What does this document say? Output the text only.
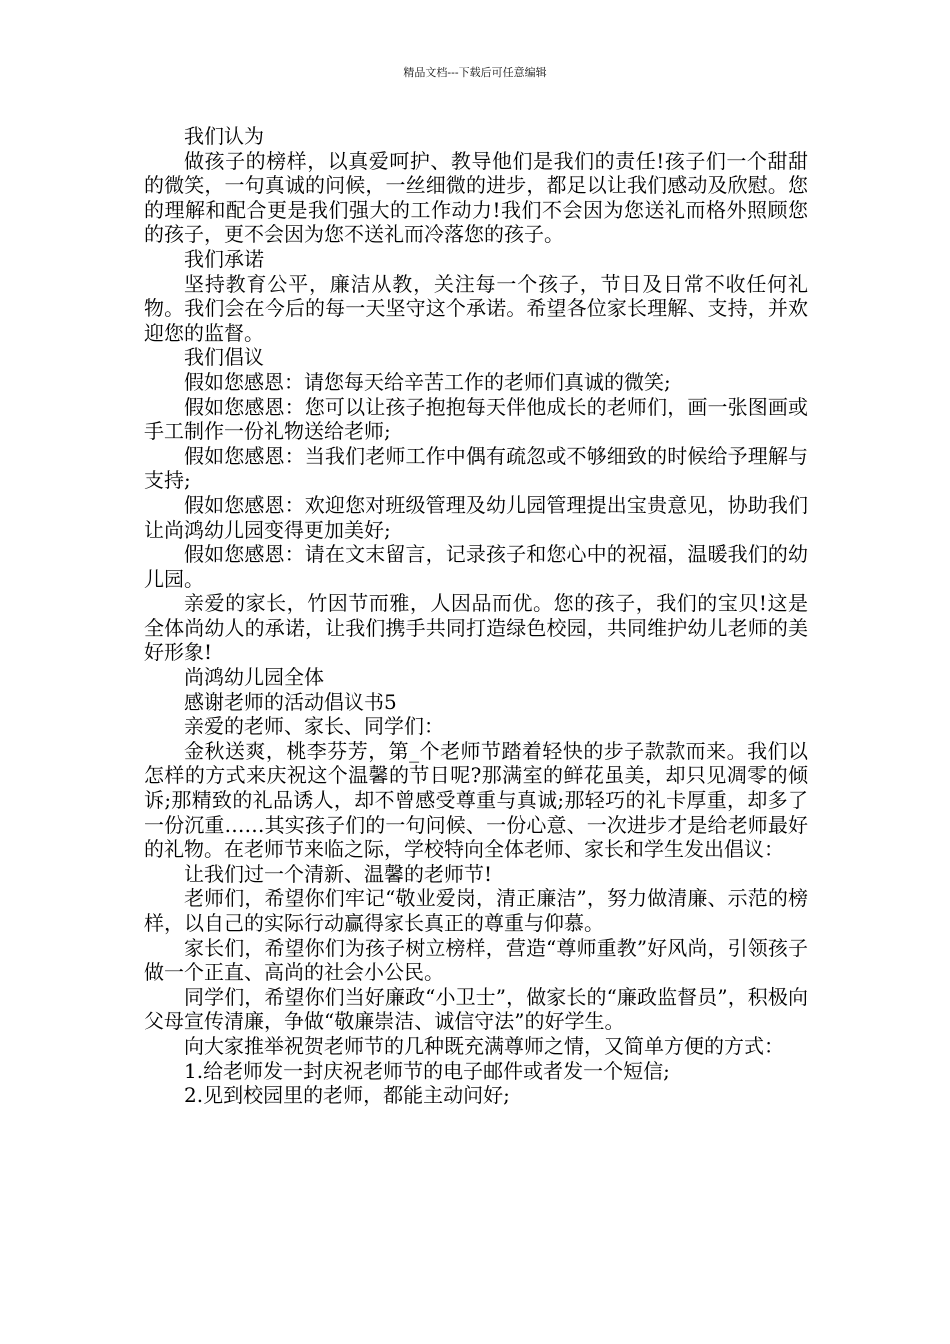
精品文档---下载后可任意编辑

我们认为

做孩子的榜样，以真爱呵护、教导他们是我们的责任!孩子们一个甜甜的微笑，一句真诚的问候，一丝细微的进步，都足以让我们感动及欣慰。您的理解和配合更是我们强大的工作动力!我们不会因为您送礼而格外照顾您的孩子，更不会因为您不送礼而冷落您的孩子。

我们承诺

坚持教育公平，廉洁从教，关注每一个孩子，节日及日常不收任何礼物。我们会在今后的每一天坚守这个承诺。希望各位家长理解、支持，并欢迎您的监督。

我们倡议

假如您感恩：请您每天给辛苦工作的老师们真诚的微笑;

假如您感恩：您可以让孩子抱抱每天伴他成长的老师们，画一张图画或手工制作一份礼物送给老师;

假如您感恩：当我们老师工作中偶有疏忽或不够细致的时候给予理解与支持;

假如您感恩：欢迎您对班级管理及幼儿园管理提出宝贵意见，协助我们让尚鸿幼儿园变得更加美好;

假如您感恩：请在文末留言，记录孩子和您心中的祝福，温暖我们的幼儿园。

亲爱的家长，竹因节而雅，人因品而优。您的孩子，我们的宝贝!这是全体尚幼人的承诺，让我们携手共同打造绿色校园，共同维护幼儿老师的美好形象!

尚鸿幼儿园全体

感谢老师的活动倡议书5

亲爱的老师、家长、同学们：

金秋送爽，桃李芬芳，第_个老师节踏着轻快的步子款款而来。我们以怎样的方式来庆祝这个温馨的节日呢?那满室的鲜花虽美，却只见凋零的倾诉;那精致的礼品诱人，却不曾感受尊重与真诚;那轻巧的礼卡厚重，却多了一份沉重……其实孩子们的一句问候、一份心意、一次进步才是给老师最好的礼物。在老师节来临之际，学校特向全体老师、家长和学生发出倡议：

让我们过一个清新、温馨的老师节!

老师们，希望你们牢记“敬业爱岗，清正廉洁”，努力做清廉、示范的榜样，以自己的实际行动赢得家长真正的尊重与仰慕。

家长们，希望你们为孩子树立榜样，营造“尊师重教”好风尚，引领孩子做一个正直、高尚的社会小公民。

同学们，希望你们当好廉政“小卫士”，做家长的“廉政监督员”，积极向父母宣传清廉，争做“敬廉崇洁、诚信守法”的好学生。

向大家推举祝贺老师节的几种既充满尊师之情，又简单方便的方式：

1.给老师发一封庆祝老师节的电子邮件或者发一个短信;

2.见到校园里的老师，都能主动问好;
